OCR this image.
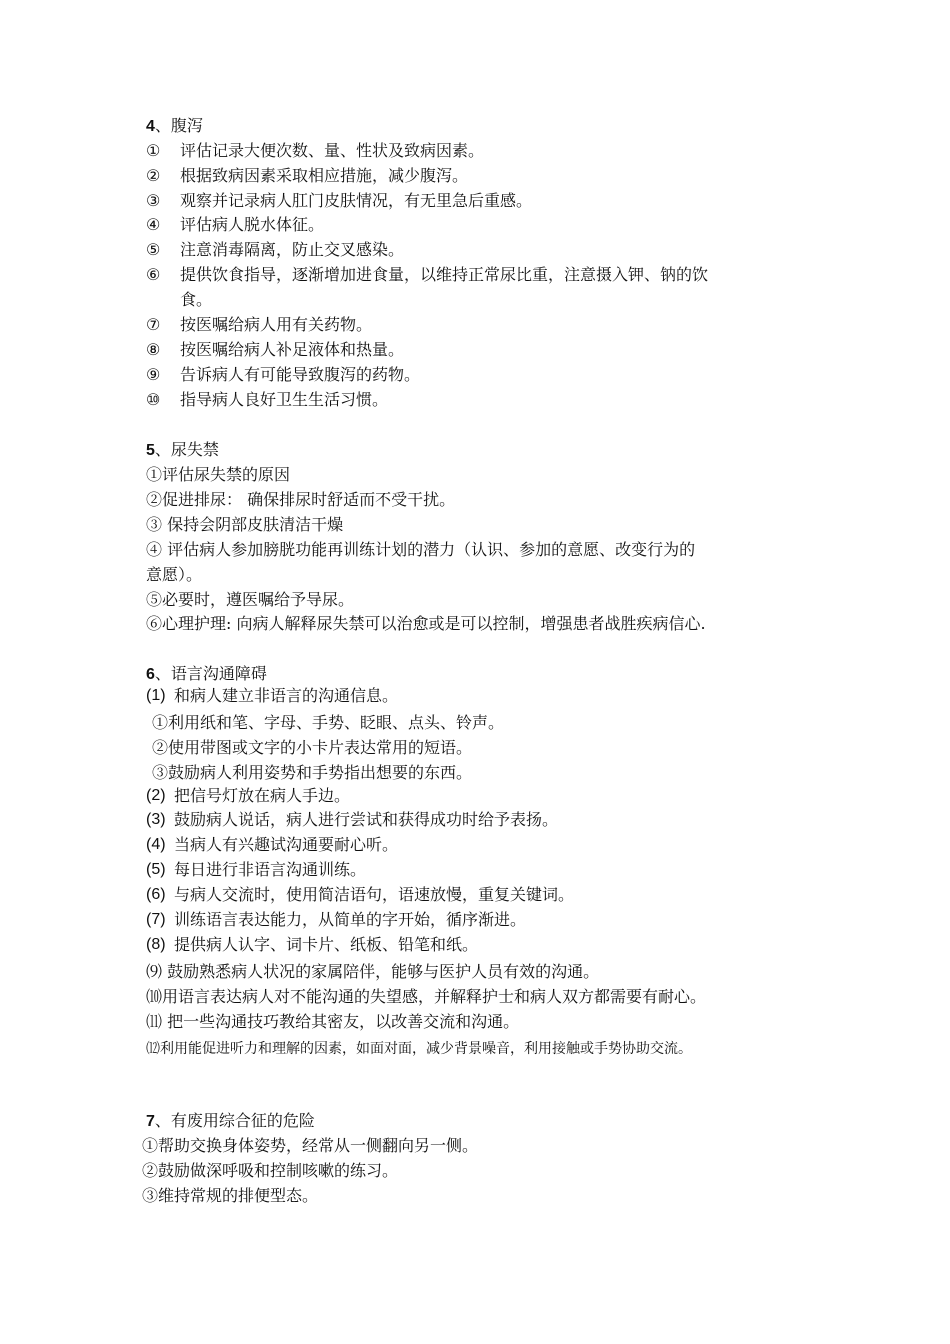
4、腹泻
①	评估记录大便次数、量、性状及致病因素。
②	根据致病因素采取相应措施，减少腹泻。
③	观察并记录病人肛门皮肤情况，有无里急后重感。
④	评估病人脱水体征。
⑤	注意消毒隔离，防止交叉感染。
⑥	提供饮食指导，逐渐增加进食量，以维持正常尿比重，注意摄入钾、钠的饮
食。
⑦	按医嘱给病人用有关药物。
⑧	按医嘱给病人补足液体和热量。
⑨	告诉病人有可能导致腹泻的药物。
⑩	指导病人良好卫生生活习惯。
5、尿失禁
①评估尿失禁的原因
②促进排尿： 确保排尿时舒适而不受干扰。
③ 保持会阴部皮肤清洁干燥
④ 评估病人参加膀胱功能再训练计划的潜力（认识、参加的意愿、改变行为的
意愿）。
⑤必要时，遵医嘱给予导尿。
⑥心理护理: 向病人解释尿失禁可以治愈或是可以控制，增强患者战胜疾病信心.
6、语言沟通障碍
(1) 和病人建立非语言的沟通信息。
①利用纸和笔、字母、手势、眨眼、点头、铃声。
②使用带图或文字的小卡片表达常用的短语。
③鼓励病人利用姿势和手势指出想要的东西。
(2) 把信号灯放在病人手边。
(3) 鼓励病人说话，病人进行尝试和获得成功时给予表扬。
(4) 当病人有兴趣试沟通要耐心听。
(5) 每日进行非语言沟通训练。
(6) 与病人交流时，使用简洁语句，语速放慢，重复关键词。
(7) 训练语言表达能力，从简单的字开始，循序渐进。
(8) 提供病人认字、词卡片、纸板、铅笔和纸。
⑼ 鼓励熟悉病人状况的家属陪伴，能够与医护人员有效的沟通。
⑽用语言表达病人对不能沟通的失望感，并解释护士和病人双方都需要有耐心。
⑾ 把一些沟通技巧教给其密友，以改善交流和沟通。
⑿利用能促进听力和理解的因素，如面对面，减少背景噪音，利用接触或手势协助交流。
7、有废用综合征的危险
①帮助交换身体姿势，经常从一侧翻向另一侧。
②鼓励做深呼吸和控制咳嗽的练习。
③维持常规的排便型态。
